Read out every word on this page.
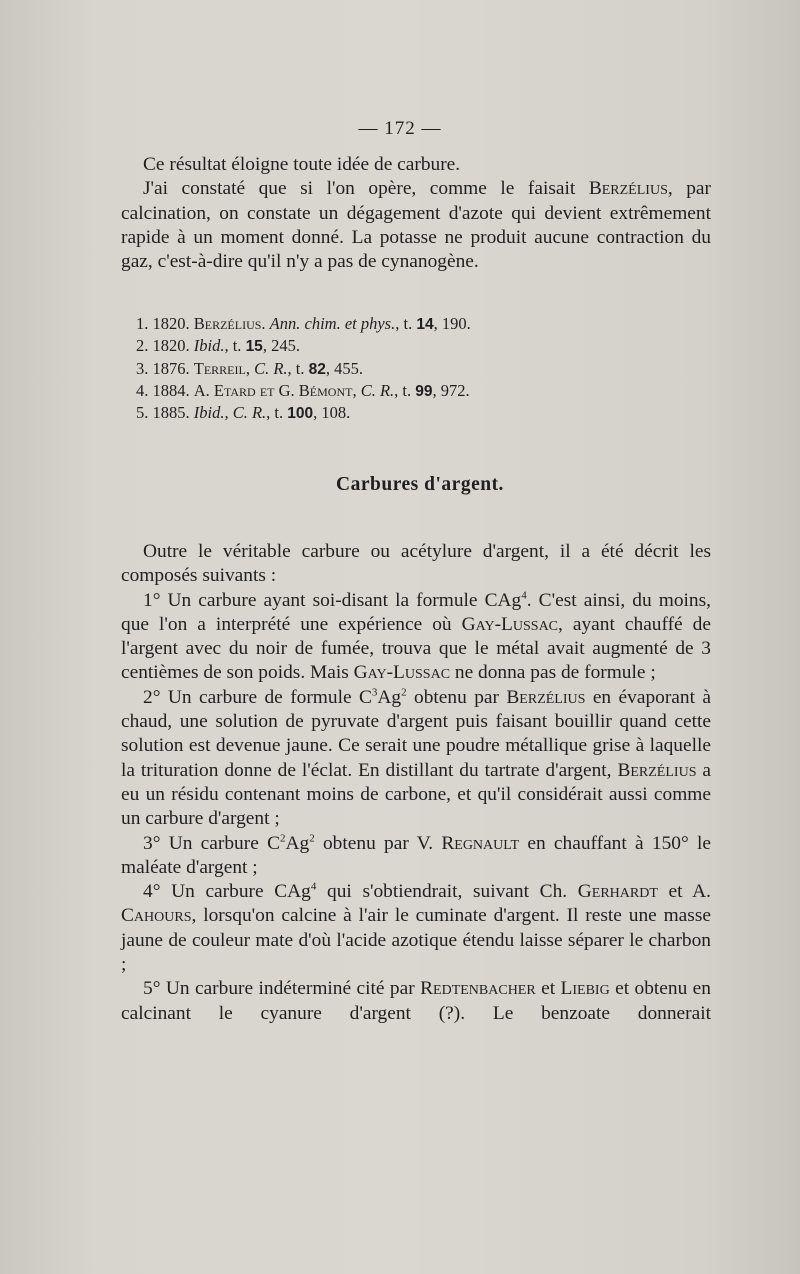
— 172 —

Ce résultat éloigne toute idée de carbure.

J'ai constaté que si l'on opère, comme le faisait Berzélius, par calcination, on constate un dégagement d'azote qui devient extrêmement rapide à un moment donné. La potasse ne produit aucune contraction du gaz, c'est-à-dire qu'il n'y a pas de cynanogène.

1. 1820. Berzélius. Ann. chim. et phys., t. 14, 190.
2. 1820. Ibid., t. 15, 245.
3. 1876. Terreil, C. R., t. 82, 455.
4. 1884. A. Etard et G. Bémont, C. R., t. 99, 972.
5. 1885. Ibid., C. R., t. 100, 108.
Carbures d'argent.

Outre le véritable carbure ou acétylure d'argent, il a été décrit les composés suivants :

1° Un carbure ayant soi-disant la formule CAg$^4$. C'est ainsi, du moins, que l'on a interprété une expérience où Gay-Lussac, ayant chauffé de l'argent avec du noir de fumée, trouva que le métal avait augmenté de 3 centièmes de son poids. Mais Gay-Lussac ne donna pas de formule ;

2° Un carbure de formule $C^3Ag^2$ obtenu par Berzélius en évaporant à chaud, une solution de pyruvate d'argent puis faisant bouillir quand cette solution est devenue jaune. Ce serait une poudre métallique grise à laquelle la trituration donne de l'éclat. En distillant du tartrate d'argent, Berzélius a eu un résidu contenant moins de carbone, et qu'il considérait aussi comme un carbure d'argent ;

3° Un carbure $C^2Ag^2$ obtenu par V. Regnault en chauffant à 150° le maléate d'argent ;

4° Un carbure CAg$^4$ qui s'obtiendrait, suivant Ch. Gerhardt et A. Cahours, lorsqu'on calcine à l'air le cuminate d'argent. Il reste une masse jaune de couleur mate d'où l'acide azotique étendu laisse séparer le charbon ;

5° Un carbure indéterminé cité par Redtenbacher et Liebig et obtenu en calcinant le cyanure d'argent (?). Le benzoate donnerait
